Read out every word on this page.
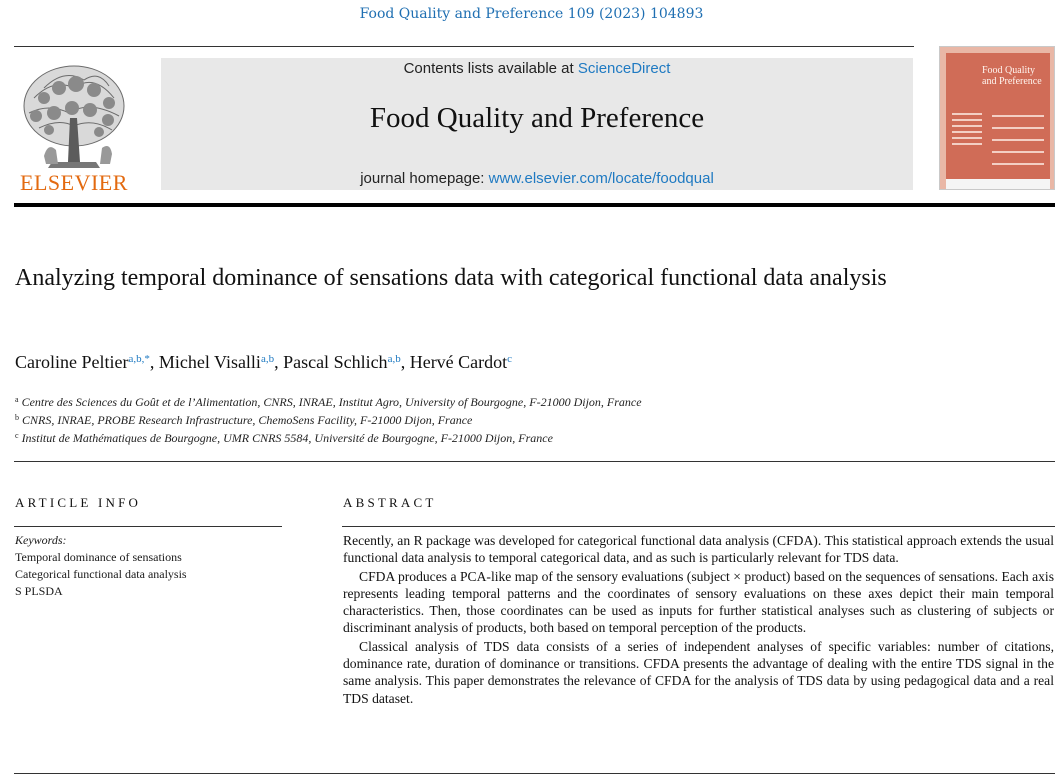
Food Quality and Preference 109 (2023) 104893
ELSEVIER
Contents lists available at ScienceDirect
Food Quality and Preference
journal homepage: www.elsevier.com/locate/foodqual
Food Quality and Preference
Analyzing temporal dominance of sensations data with categorical functional data analysis
Caroline Peltier$^{a,b,*}$, Michel Visalli$^{a,b}$, Pascal Schlich$^{a,b}$, Hervé Cardot$^c$
$^a$ Centre des Sciences du Goût et de l’Alimentation, CNRS, INRAE, Institut Agro, University of Bourgogne, F-21000 Dijon, France
$^b$ CNRS, INRAE, PROBE Research Infrastructure, ChemoSens Facility, F-21000 Dijon, France
$^c$ Institut de Mathématiques de Bourgogne, UMR CNRS 5584, Université de Bourgogne, F-21000 Dijon, France
ARTICLE INFO
Keywords:
Temporal dominance of sensations
Categorical functional data analysis
S PLSDA
ABSTRACT

Recently, an R package was developed for categorical functional data analysis (CFDA). This statistical approach extends the usual functional data analysis to temporal categorical data, and as such is particularly relevant for TDS data.

CFDA produces a PCA-like map of the sensory evaluations (subject × product) based on the sequences of sensations. Each axis represents leading temporal patterns and the coordinates of sensory evaluations on these axes depict their main temporal characteristics. Then, those coordinates can be used as inputs for further statistical analyses such as clustering of subjects or discriminant analysis of products, both based on temporal perception of the products.

Classical analysis of TDS data consists of a series of independent analyses of specific variables: number of citations, dominance rate, duration of dominance or transitions. CFDA presents the advantage of dealing with the entire TDS signal in the same analysis. This paper demonstrates the relevance of CFDA for the analysis of TDS data by using pedagogical data and a real TDS dataset.
